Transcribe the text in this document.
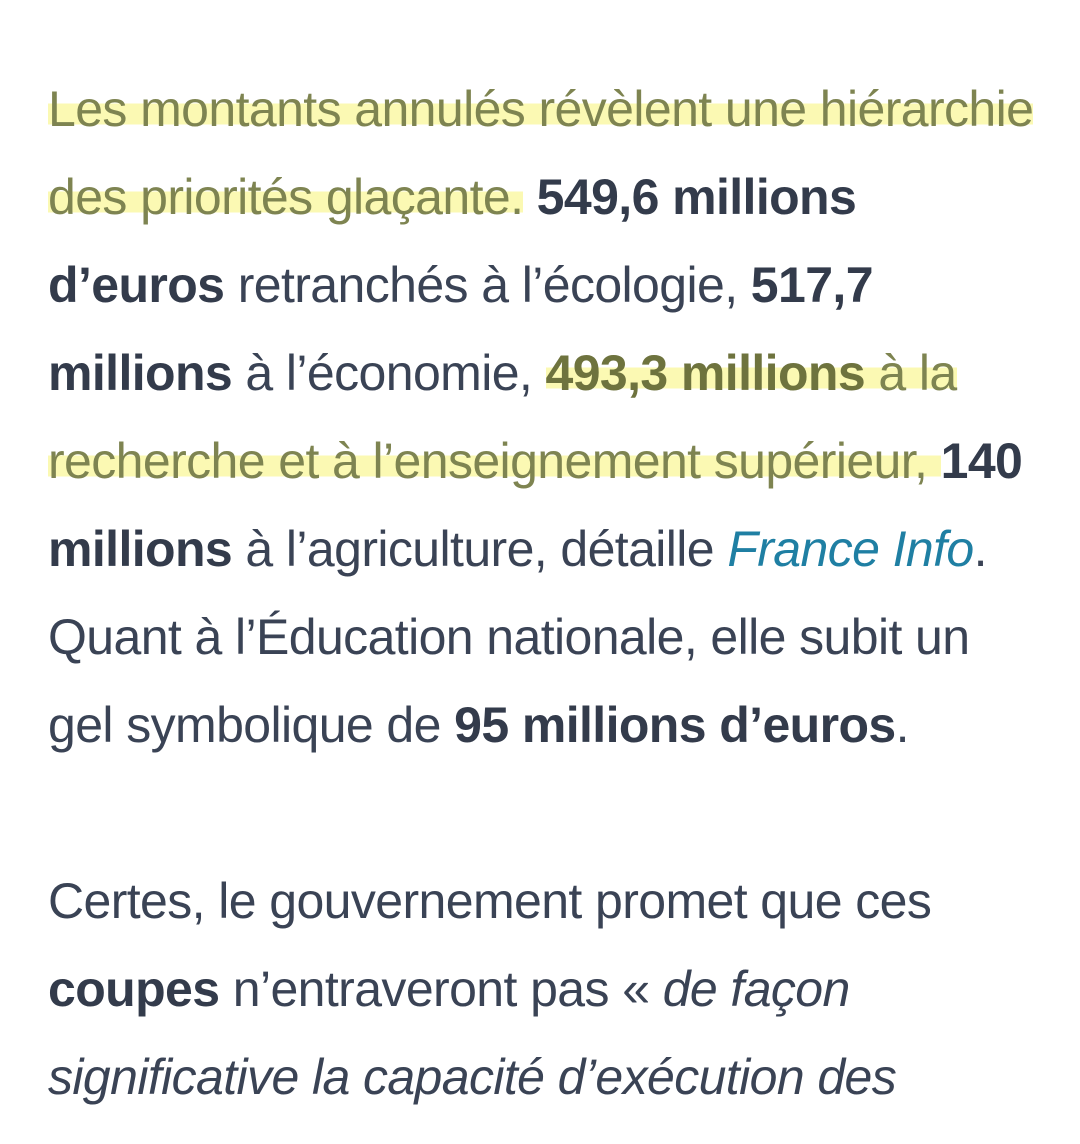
Les montants annulés révèlent une hiérarchie des priorités glaçante. 549,6 millions d’euros retranchés à l’écologie, 517,7 millions à l’économie, 493,3 millions à la recherche et à l’enseignement supérieur, 140 millions à l’agriculture, détaille France Info. Quant à l’Éducation nationale, elle subit un gel symbolique de 95 millions d’euros.

Certes, le gouvernement promet que ces coupes n’entraveront pas « de façon significative la capacité d’exécution des
